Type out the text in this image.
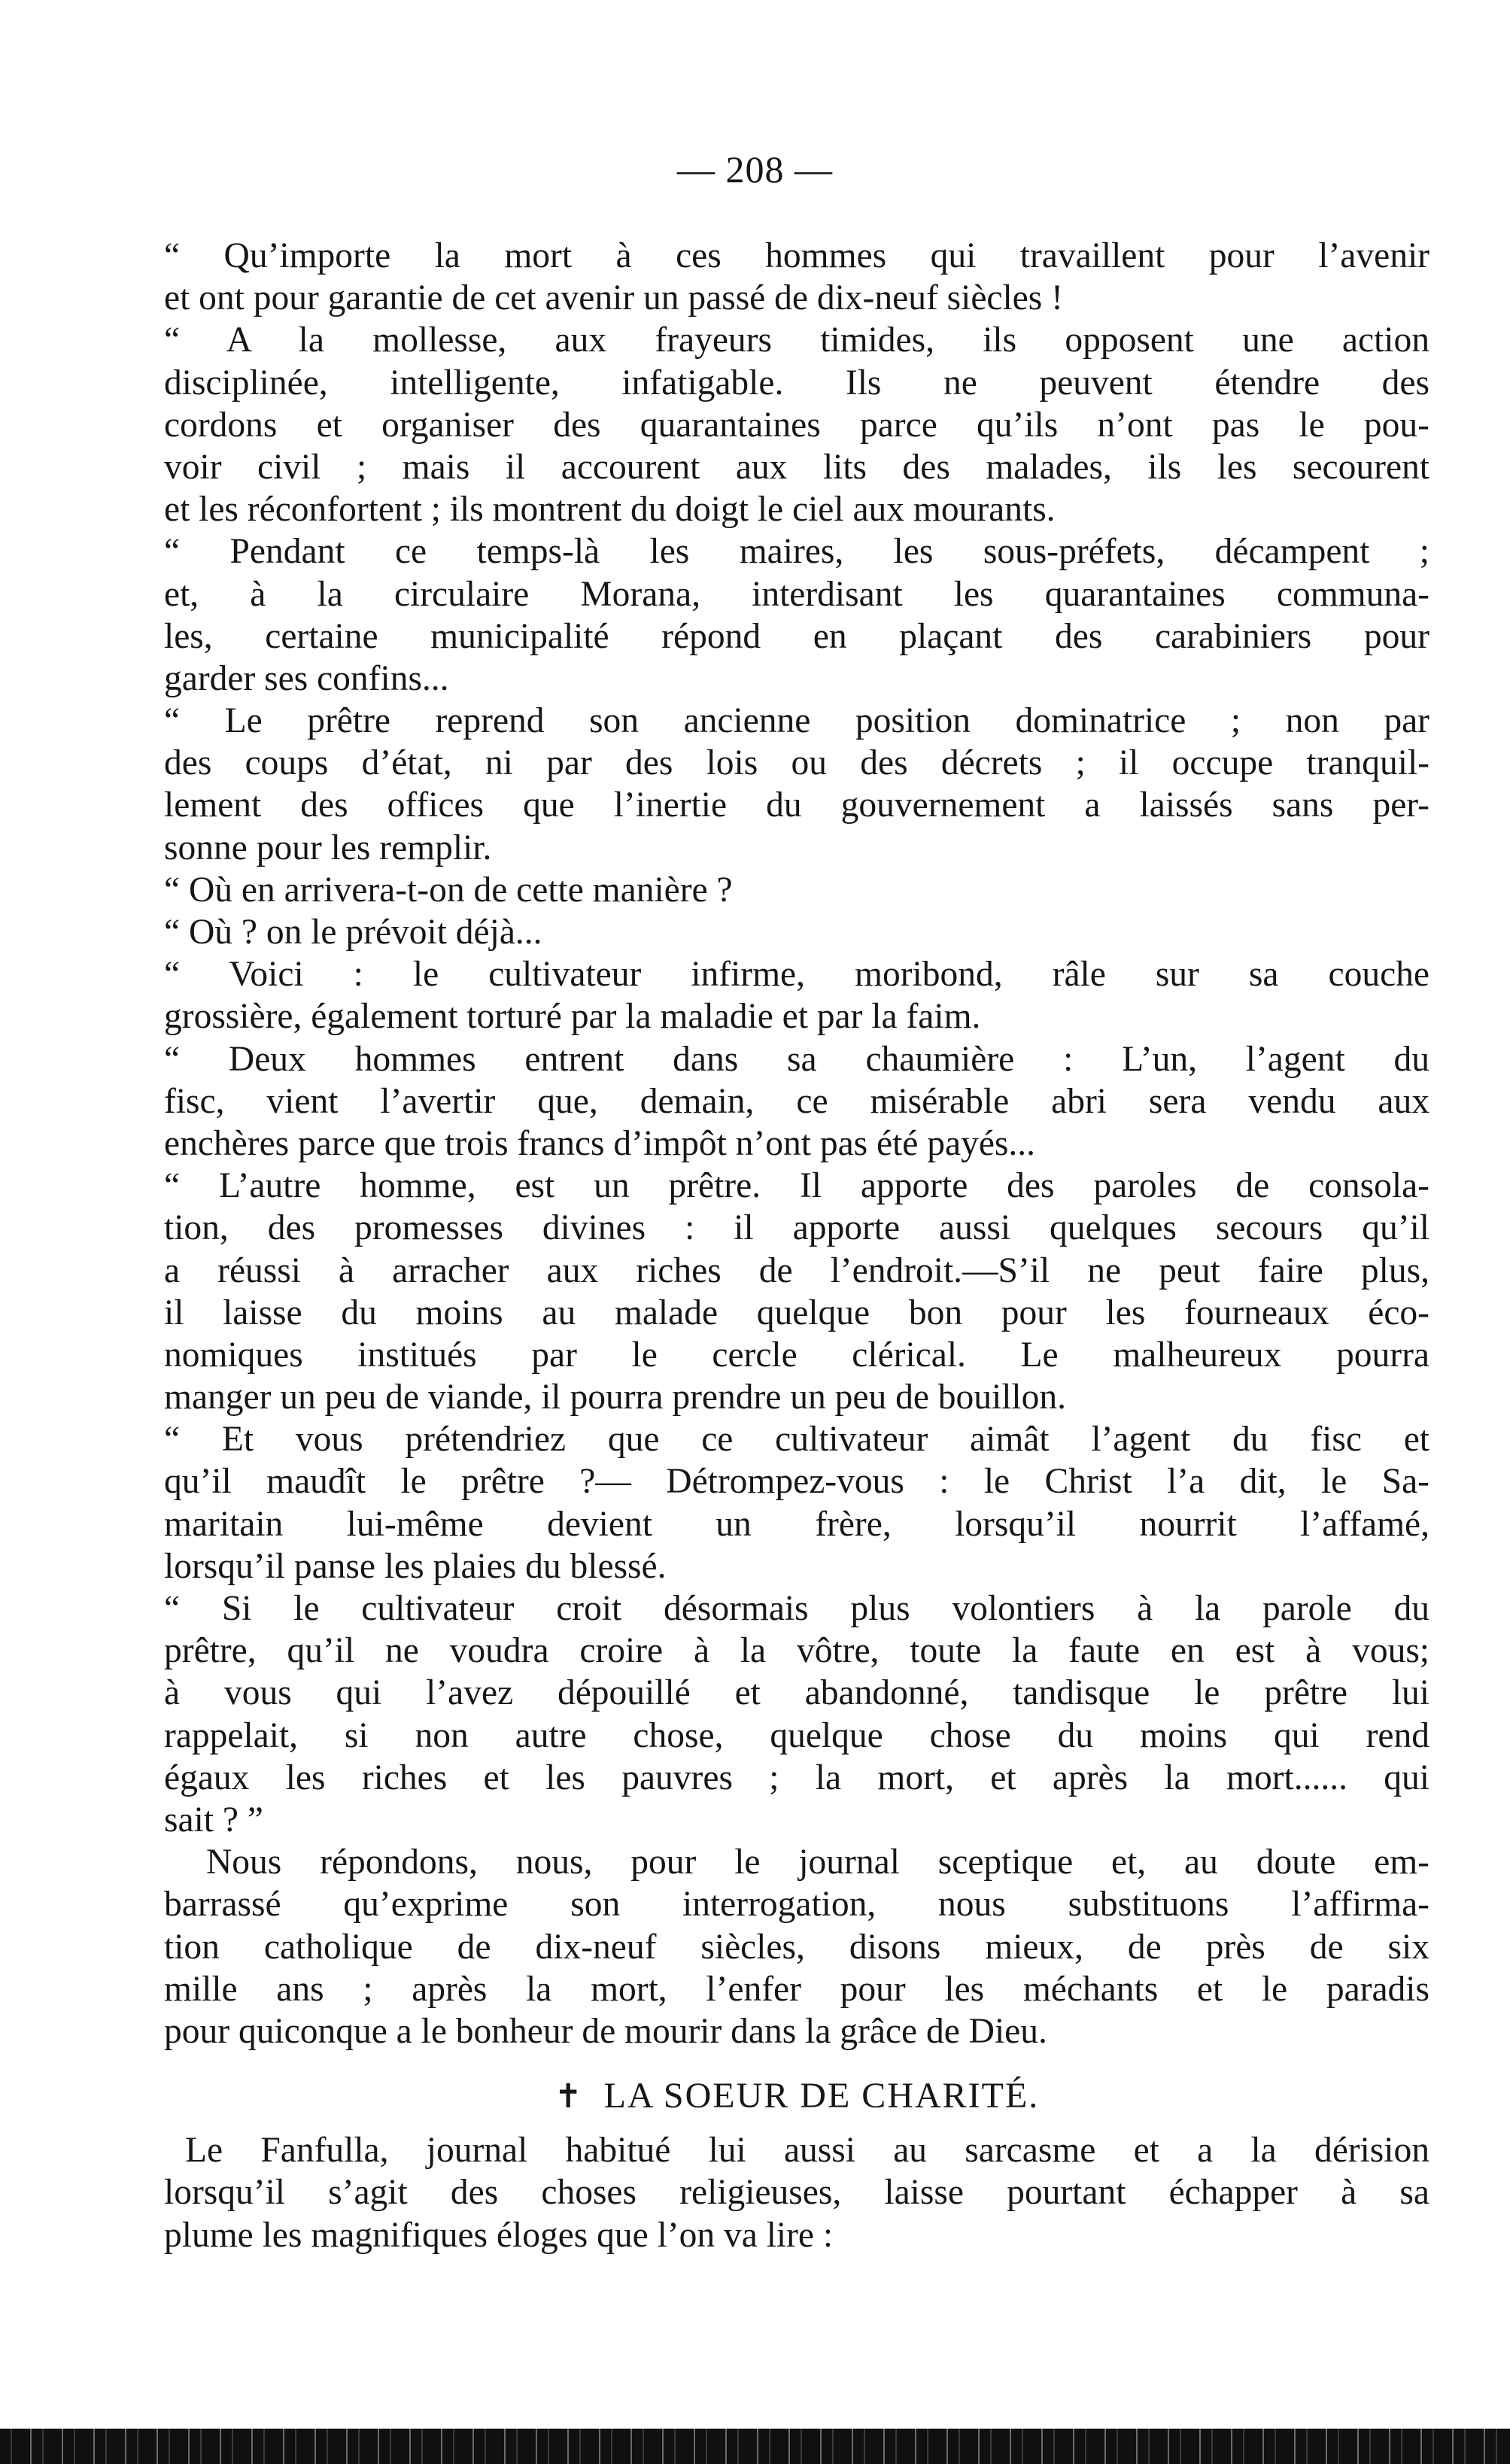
— 208 —
“ Qu’importe la mort à ces hommes qui travaillent pour l’avenir
et ont pour garantie de cet avenir un passé de dix-neuf siècles !
“ A la mollesse, aux frayeurs timides, ils opposent une action
disciplinée, intelligente, infatigable. Ils ne peuvent étendre des
cordons et organiser des quarantaines parce qu’ils n’ont pas le pou-
voir civil ; mais il accourent aux lits des malades, ils les secourent
et les réconfortent ; ils montrent du doigt le ciel aux mourants.
“ Pendant ce temps-là les maires, les sous-préfets, décampent ;
et, à la circulaire Morana, interdisant les quarantaines communa-
les, certaine municipalité répond en plaçant des carabiniers pour
garder ses confins...
“ Le prêtre reprend son ancienne position dominatrice ; non par
des coups d’état, ni par des lois ou des décrets ; il occupe tranquil-
lement des offices que l’inertie du gouvernement a laissés sans per-
sonne pour les remplir.
“ Où en arrivera-t-on de cette manière ?
“ Où ? on le prévoit déjà...
“ Voici : le cultivateur infirme, moribond, râle sur sa couche
grossière, également torturé par la maladie et par la faim.
“ Deux hommes entrent dans sa chaumière : L’un, l’agent du
fisc, vient l’avertir que, demain, ce misérable abri sera vendu aux
enchères parce que trois francs d’impôt n’ont pas été payés...
“ L’autre homme, est un prêtre. Il apporte des paroles de consola-
tion, des promesses divines : il apporte aussi quelques secours qu’il
a réussi à arracher aux riches de l’endroit.—S’il ne peut faire plus,
il laisse du moins au malade quelque bon pour les fourneaux éco-
nomiques institués par le cercle clérical. Le malheureux pourra
manger un peu de viande, il pourra prendre un peu de bouillon.
“ Et vous prétendriez que ce cultivateur aimât l’agent du fisc et
qu’il maudît le prêtre ?— Détrompez-vous : le Christ l’a dit, le Sa-
maritain lui-même devient un frère, lorsqu’il nourrit l’affamé,
lorsqu’il panse les plaies du blessé.
“ Si le cultivateur croit désormais plus volontiers à la parole du
prêtre, qu’il ne voudra croire à la vôtre, toute la faute en est à vous;
à vous qui l’avez dépouillé et abandonné, tandisque le prêtre lui
rappelait, si non autre chose, quelque chose du moins qui rend
égaux les riches et les pauvres ; la mort, et après la mort...... qui
sait ? ”
Nous répondons, nous, pour le journal sceptique et, au doute em-
barrassé qu’exprime son interrogation, nous substituons l’affirma-
tion catholique de dix-neuf siècles, disons mieux, de près de six
mille ans ; après la mort, l’enfer pour les méchants et le paradis
pour quiconque a le bonheur de mourir dans la grâce de Dieu.
✝ LA SOEUR DE CHARITÉ.
Le Fanfulla, journal habitué lui aussi au sarcasme et a la dérision
lorsqu’il s’agit des choses religieuses, laisse pourtant échapper à sa
plume les magnifiques éloges que l’on va lire :
